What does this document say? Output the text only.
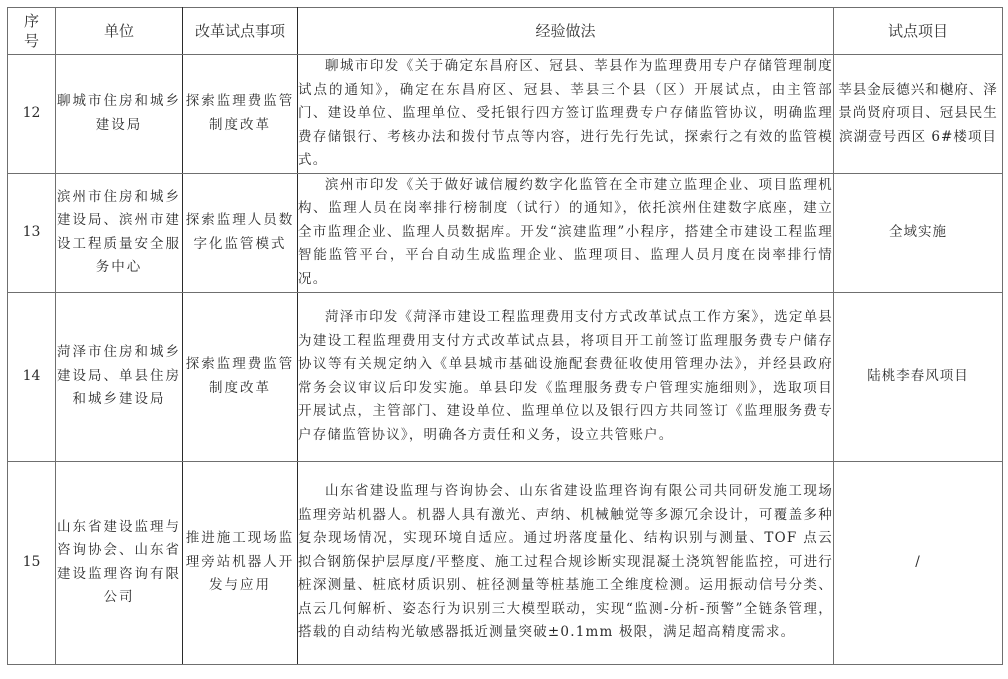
序号	单位	改革试点事项	经验做法	试点项目
12	聊城市住房和城乡建设局	探索监理费监管制度改革	聊城市印发《关于确定东昌府区、冠县、莘县作为监理费用专户存储管理制度试点的通知》，确定在东昌府区、冠县、莘县三个县（区）开展试点，由主管部门、建设单位、监理单位、受托银行四方签订监理费专户存储监管协议，明确监理费存储银行、考核办法和拨付节点等内容，进行先行先试，探索行之有效的监管模式。	莘县金辰德兴和樾府、泽景尚贤府项目、冠县民生滨湖壹号西区 6#楼项目
13	滨州市住房和城乡建设局、滨州市建设工程质量安全服务中心	探索监理人员数字化监管模式	滨州市印发《关于做好诚信履约数字化监管在全市建立监理企业、项目监理机构、监理人员在岗率排行榜制度（试行）的通知》，依托滨州住建数字底座，建立全市监理企业、监理人员数据库。开发“滨建监理”小程序，搭建全市建设工程监理智能监管平台，平台自动生成监理企业、监理项目、监理人员月度在岗率排行情况。	全域实施
14	菏泽市住房和城乡建设局、单县住房和城乡建设局	探索监理费监管制度改革	菏泽市印发《菏泽市建设工程监理费用支付方式改革试点工作方案》，选定单县为建设工程监理费用支付方式改革试点县，将项目开工前签订监理服务费专户储存协议等有关规定纳入《单县城市基础设施配套费征收使用管理办法》，并经县政府常务会议审议后印发实施。单县印发《监理服务费专户管理实施细则》，选取项目开展试点，主管部门、建设单位、监理单位以及银行四方共同签订《监理服务费专户存储监管协议》，明确各方责任和义务，设立共管账户。	陆桃李春风项目
15	山东省建设监理与咨询协会、山东省建设监理咨询有限公司	推进施工现场监理旁站机器人开发与应用	山东省建设监理与咨询协会、山东省建设监理咨询有限公司共同研发施工现场监理旁站机器人。机器人具有激光、声纳、机械触觉等多源冗余设计，可覆盖多种复杂现场情况，实现环境自适应。通过坍落度量化、结构识别与测量、TOF 点云拟合钢筋保护层厚度/平整度、施工过程合规诊断实现混凝土浇筑智能监控，可进行桩深测量、桩底材质识别、桩径测量等桩基施工全维度检测。运用振动信号分类、点云几何解析、姿态行为识别三大模型联动，实现“监测-分析-预警”全链条管理，搭载的自动结构光敏感器抵近测量突破±0.1mm 极限，满足超高精度需求。	/
